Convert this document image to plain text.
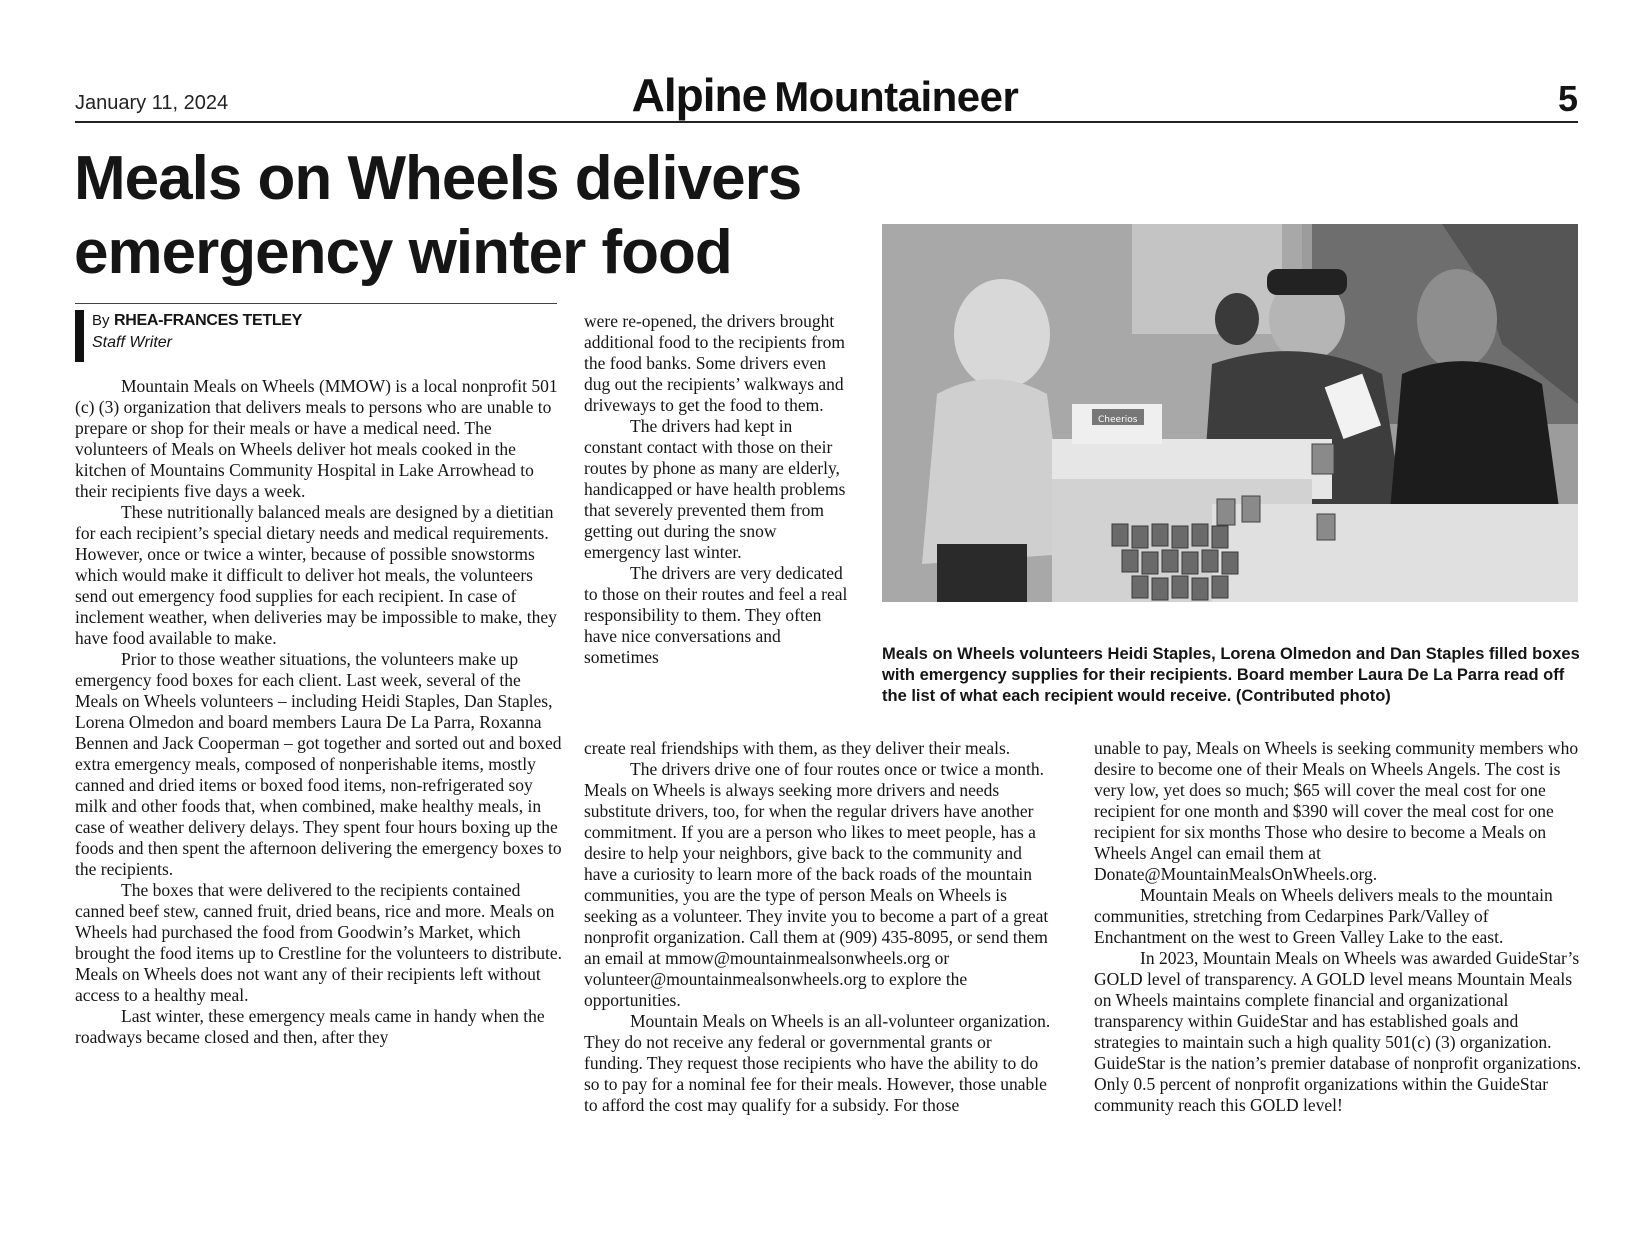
January 11, 2024	Alpine Mountaineer	5
Meals on Wheels delivers
emergency winter food
By RHEA-FRANCES TETLEY
Staff Writer

Mountain Meals on Wheels (MMOW) is a local nonprofit 501 (c) (3) organization that delivers meals to persons who are unable to prepare or shop for their meals or have a medical need. The volunteers of Meals on Wheels deliver hot meals cooked in the kitchen of Mountains Community Hospital in Lake Arrowhead to their recipients five days a week.

These nutritionally balanced meals are designed by a dietitian for each recipient’s special dietary needs and medical requirements. However, once or twice a winter, because of possible snowstorms which would make it difficult to deliver hot meals, the volunteers send out emergency food supplies for each recipient. In case of inclement weather, when deliveries may be impossible to make, they have food available to make.

Prior to those weather situations, the volunteers make up emergency food boxes for each client. Last week, several of the Meals on Wheels volunteers – including Heidi Staples, Dan Staples, Lorena Olmedon and board members Laura De La Parra, Roxanna Bennen and Jack Cooperman – got together and sorted out and boxed extra emergency meals, composed of nonperishable items, mostly canned and dried items or boxed food items, non-refrigerated soy milk and other foods that, when combined, make healthy meals, in case of weather delivery delays. They spent four hours boxing up the foods and then spent the afternoon delivering the emergency boxes to the recipients.

The boxes that were delivered to the recipients contained canned beef stew, canned fruit, dried beans, rice and more. Meals on Wheels had purchased the food from Goodwin’s Market, which brought the food items up to Crestline for the volunteers to distribute. Meals on Wheels does not want any of their recipients left without access to a healthy meal.

Last winter, these emergency meals came in handy when the roadways became closed and then, after they

were re-opened, the drivers brought additional food to the recipients from the food banks. Some drivers even dug out the recipients’ walkways and driveways to get the food to them.

The drivers had kept in constant contact with those on their routes by phone as many are elderly, handicapped or have health problems that severely prevented them from getting out during the snow emergency last winter.

The drivers are very dedicated to those on their routes and feel a real responsibility to them. They often have nice conversations and sometimes

Cheerios
Meals on Wheels volunteers Heidi Staples, Lorena Olmedon and Dan Staples filled boxes with emergency supplies for their recipients. Board member Laura De La Parra read off the list of what each recipient would receive. (Contributed photo)

create real friendships with them, as they deliver their meals.

The drivers drive one of four routes once or twice a month. Meals on Wheels is always seeking more drivers and needs substitute drivers, too, for when the regular drivers have another commitment. If you are a person who likes to meet people, has a desire to help your neighbors, give back to the community and have a curiosity to learn more of the back roads of the mountain communities, you are the type of person Meals on Wheels is seeking as a volunteer. They invite you to become a part of a great nonprofit organization. Call them at (909) 435-8095, or send them an email at mmow@mountainmealsonwheels.org or volunteer@mountainmealsonwheels.org to explore the opportunities.

Mountain Meals on Wheels is an all-volunteer organization. They do not receive any federal or governmental grants or funding. They request those recipients who have the ability to do so to pay for a nominal fee for their meals. However, those unable to afford the cost may qualify for a subsidy. For those

unable to pay, Meals on Wheels is seeking community members who desire to become one of their Meals on Wheels Angels. The cost is very low, yet does so much; $65 will cover the meal cost for one recipient for one month and $390 will cover the meal cost for one recipient for six months Those who desire to become a Meals on Wheels Angel can email them at Donate@MountainMealsOnWheels.org.

Mountain Meals on Wheels delivers meals to the mountain communities, stretching from Cedarpines Park/Valley of Enchantment on the west to Green Valley Lake to the east.

In 2023, Mountain Meals on Wheels was awarded GuideStar’s GOLD level of transparency. A GOLD level means Mountain Meals on Wheels maintains complete financial and organizational transparency within GuideStar and has established goals and strategies to maintain such a high quality 501(c) (3) organization. GuideStar is the nation’s premier database of nonprofit organizations. Only 0.5 percent of nonprofit organizations within the GuideStar community reach this GOLD level!
